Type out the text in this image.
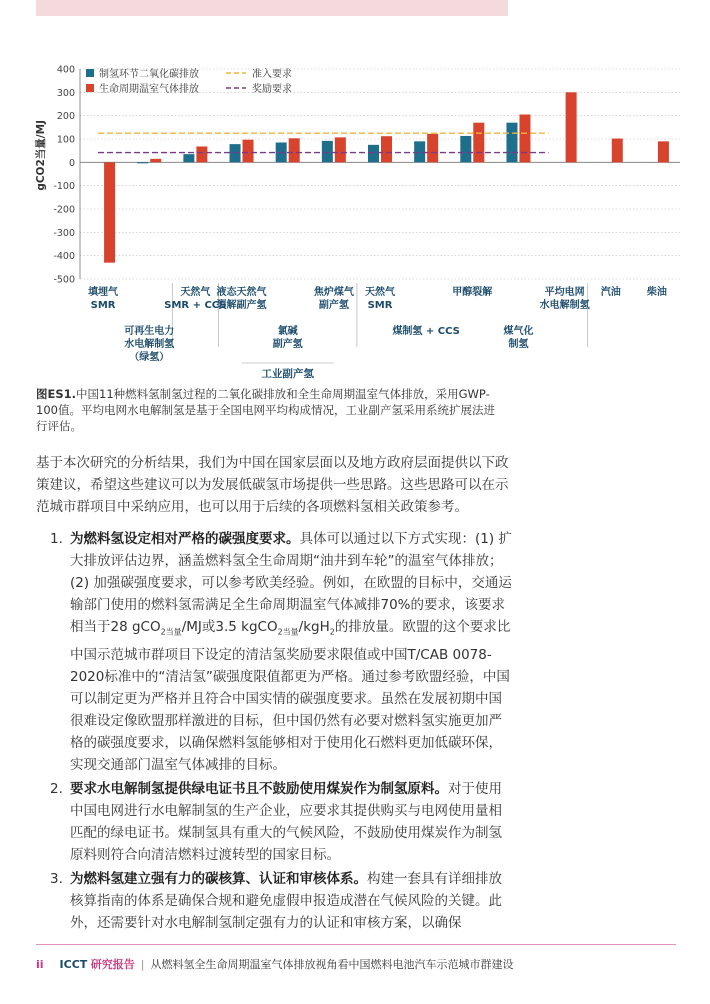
400
300
200
100
0
-100
-200
-300
-400
-500
gCO2当量/MJ
制氢环节二氧化碳排放
生命周期温室气体排放
准入要求
奖励要求
填埋气
SMR
可再生电力
水电解制氢
（绿氢）
天然气
SMR + CCS
液态天然气
裂解副产氢
氯碱
副产氢
焦炉煤气
副产氢
天然气
SMR
煤制氢 + CCS
甲醇裂解
煤气化
制氢
平均电网
水电解制氢
汽油	柴油
工业副产氢
图ES1.中国11种燃料氢制氢过程的二氧化碳排放和全生命周期温室气体排放，采用GWP-100值。平均电网水电解制氢是基于全国电网平均构成情况，工业副产氢采用系统扩展法进行评估。
基于本次研究的分析结果，我们为中国在国家层面以及地方政府层面提供以下政策建议，希望这些建议可以为发展低碳氢市场提供一些思路。这些思路可以在示范城市群项目中采纳应用，也可以用于后续的各项燃料氢相关政策参考。
1. 为燃料氢设定相对严格的碳强度要求。具体可以通过以下方式实现：(1) 扩大排放评估边界，涵盖燃料氢全生命周期“油井到车轮”的温室气体排放；(2) 加强碳强度要求，可以参考欧美经验。例如，在欧盟的目标中，交通运输部门使用的燃料氢需满足全生命周期温室气体减排70%的要求，该要求相当于28 gCO$_{2当量}$/MJ或3.5 kgCO$_{2当量}$/kgH$_2$的排放量。欧盟的这个要求比中国示范城市群项目下设定的清洁氢奖励要求限值或中国T/CAB 0078-2020标准中的“清洁氢”碳强度限值都更为严格。通过参考欧盟经验，中国可以制定更为严格并且符合中国实情的碳强度要求。虽然在发展初期中国很难设定像欧盟那样激进的目标，但中国仍然有必要对燃料氢实施更加严格的碳强度要求，以确保燃料氢能够相对于使用化石燃料更加低碳环保，实现交通部门温室气体减排的目标。
2. 要求水电解制氢提供绿电证书且不鼓励使用煤炭作为制氢原料。对于使用中国电网进行水电解制氢的生产企业，应要求其提供购买与电网使用量相匹配的绿电证书。煤制氢具有重大的气候风险，不鼓励使用煤炭作为制氢原料则符合向清洁燃料过渡转型的国家目标。
3. 为燃料氢建立强有力的碳核算、认证和审核体系。构建一套具有详细排放核算指南的体系是确保合规和避免虚假申报造成潜在气候风险的关键。此外，还需要针对水电解制氢制定强有力的认证和审核方案，以确保
ii ICCT 研究报告 | 从燃料氢全生命周期温室气体排放视角看中国燃料电池汽车示范城市群建设
